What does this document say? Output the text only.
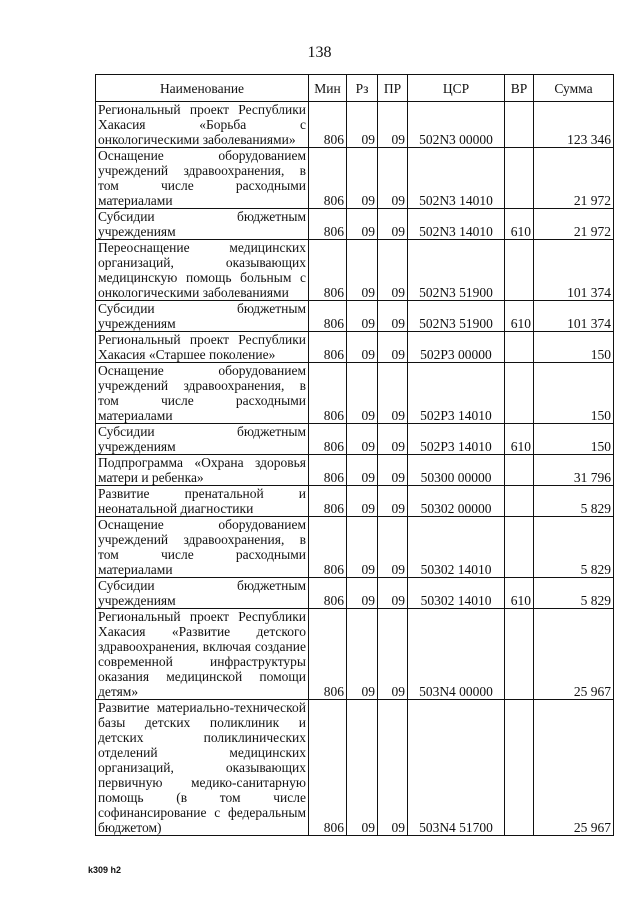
138
Наименование	Мин	Рз	ПР	ЦСР	ВР	Сумма
Региональный проект Республики Хакасия «Борьба с онкологическими заболеваниями»	806	09	09	502N3 00000		123 346
Оснащение оборудованием учреждений здравоохранения, в том числе расходными материалами	806	09	09	502N3 14010		21 972
Субсидии бюджетным учреждениям	806	09	09	502N3 14010	610	21 972
Переоснащение медицинских организаций, оказывающих медицинскую помощь больным с онкологическими заболеваниями	806	09	09	502N3 51900		101 374
Субсидии бюджетным учреждениям	806	09	09	502N3 51900	610	101 374
Региональный проект Республики Хакасия «Старшее поколение»	806	09	09	502P3 00000		150
Оснащение оборудованием учреждений здравоохранения, в том числе расходными материалами	806	09	09	502P3 14010		150
Субсидии бюджетным учреждениям	806	09	09	502P3 14010	610	150
Подпрограмма «Охрана здоровья матери и ребенка»	806	09	09	50300 00000		31 796
Развитие пренатальной и неонатальной диагностики	806	09	09	50302 00000		5 829
Оснащение оборудованием учреждений здравоохранения, в том числе расходными материалами	806	09	09	50302 14010		5 829
Субсидии бюджетным учреждениям	806	09	09	50302 14010	610	5 829
Региональный проект Республики Хакасия «Развитие детского здравоохранения, включая создание современной инфраструктуры оказания медицинской помощи детям»	806	09	09	503N4 00000		25 967
Развитие материально-технической базы детских поликлиник и детских поликлинических отделений медицинских организаций, оказывающих первичную медико-санитарную помощь (в том числе софинансирование с федеральным бюджетом)	806	09	09	503N4 51700		25 967
k309 h2
